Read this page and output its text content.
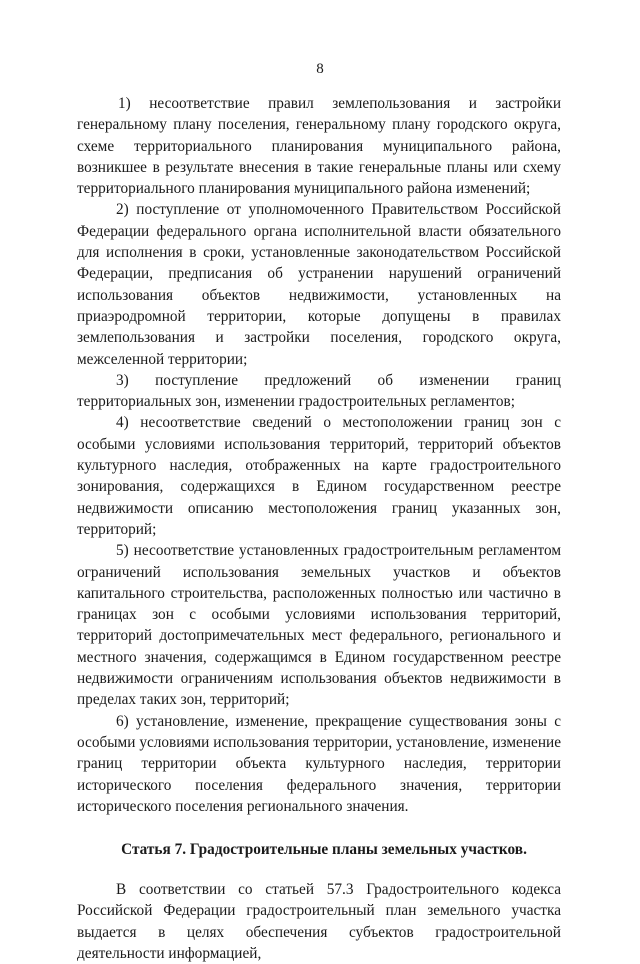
8

1) несоответствие правил землепользования и застройки генеральному плану поселения, генеральному плану городского округа, схеме территориального планирования муниципального района, возникшее в результате внесения в такие генеральные планы или схему территориального планирования муниципального района изменений;

2) поступление от уполномоченного Правительством Российской Федерации федерального органа исполнительной власти обязательного для исполнения в сроки, установленные законодательством Российской Федерации, предписания об устранении нарушений ограничений использования объектов недвижимости, установленных на приаэродромной территории, которые допущены в правилах землепользования и застройки поселения, городского округа, межселенной территории;

3) поступление предложений об изменении границ территориальных зон, изменении градостроительных регламентов;

4) несоответствие сведений о местоположении границ зон с особыми условиями использования территорий, территорий объектов культурного наследия, отображенных на карте градостроительного зонирования, содержащихся в Едином государственном реестре недвижимости описанию местоположения границ указанных зон, территорий;

5) несоответствие установленных градостроительным регламентом ограничений использования земельных участков и объектов капитального строительства, расположенных полностью или частично в границах зон с особыми условиями использования территорий, территорий достопримечательных мест федерального, регионального и местного значения, содержащимся в Едином государственном реестре недвижимости ограничениям использования объектов недвижимости в пределах таких зон, территорий;

6) установление, изменение, прекращение существования зоны с особыми условиями использования территории, установление, изменение границ территории объекта культурного наследия, территории исторического поселения федерального значения, территории исторического поселения регионального значения.

Статья 7. Градостроительные планы земельных участков.

В соответствии со статьей 57.3 Градостроительного кодекса Российской Федерации градостроительный план земельного участка выдается в целях обеспечения субъектов градостроительной деятельности информацией,
